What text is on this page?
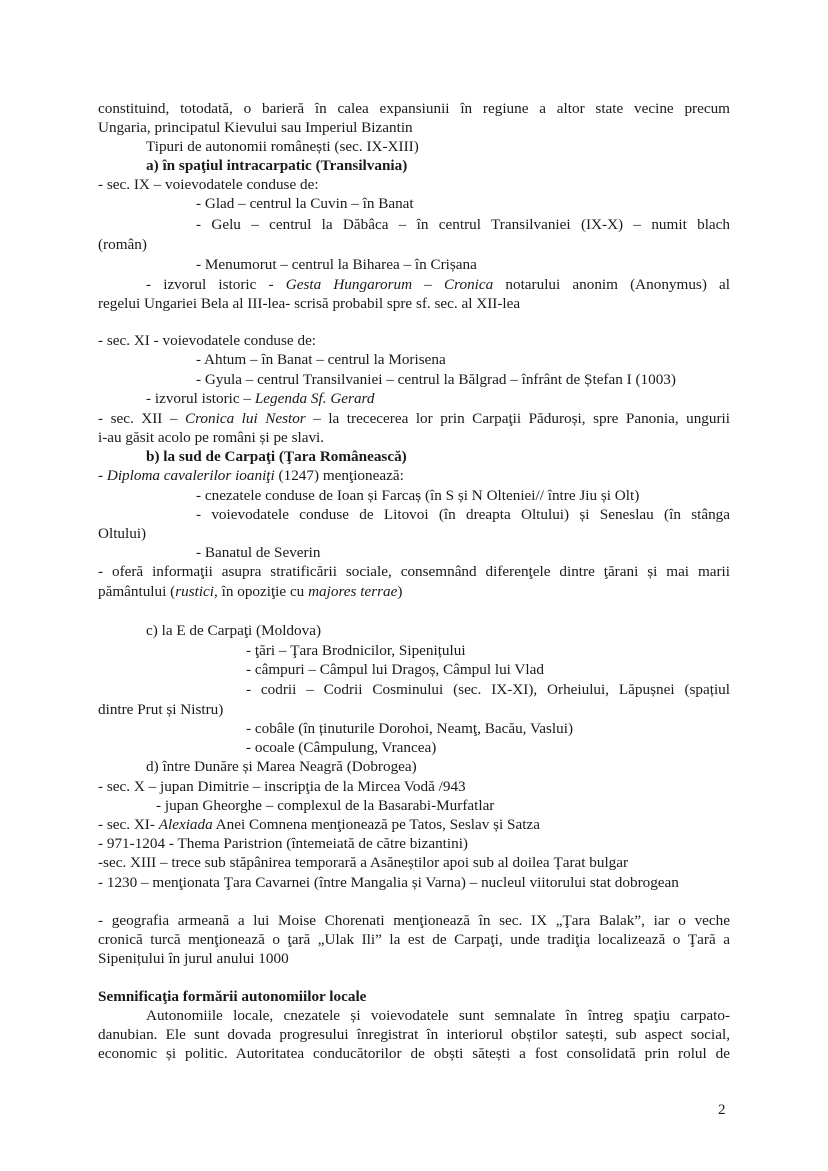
constituind, totodată, o barieră în calea expansiunii în regiune a altor state vecine precum
Ungaria, principatul Kievului sau Imperiul Bizantin
Tipuri de autonomii românești (sec. IX-XIII)
a) în spaţiul intracarpatic (Transilvania)
- sec. IX – voievodatele conduse de:
- Glad – centrul la Cuvin – în Banat
- Gelu – centrul la Dăbâca – în centrul Transilvaniei (IX-X) – numit blach
(român)
- Menumorut – centrul la Biharea – în Crișana
- izvorul istoric - Gesta Hungarorum – Cronica notarului anonim (Anonymus) al
regelui Ungariei Bela al III-lea- scrisă probabil spre sf. sec. al XII-lea
- sec. XI - voievodatele conduse de:
- Ahtum – în Banat – centrul la Morisena
- Gyula – centrul Transilvaniei – centrul la Bălgrad – înfrânt de Ștefan I (1003)
- izvorul istoric – Legenda Sf. Gerard
- sec. XII – Cronica lui Nestor – la trececerea lor prin Carpaţii Păduroși, spre Panonia, ungurii
i-au găsit acolo pe români și pe slavi.
b) la sud de Carpaţi (Ţara Românească)
- Diploma cavalerilor ioaniţi (1247) menţionează:
- cnezatele conduse de Ioan și Farcaș (în S și N Olteniei// între Jiu și Olt)
- voievodatele conduse de Litovoi (în dreapta Oltului) și Seneslau (în stânga
Oltului)
- Banatul de Severin
- oferă informaţii asupra stratificării sociale, consemnând diferenţele dintre ţărani și mai marii
pământului (rustici, în opoziţie cu majores terrae)
c) la E de Carpaţi (Moldova)
- ţări – Ţara Brodnicilor, Sipenițului
- câmpuri – Câmpul lui Dragoș, Câmpul lui Vlad
- codrii – Codrii Cosminului (sec. IX-XI), Orheiului, Lăpușnei (spațiul
dintre Prut și Nistru)
- cobâle (în ținuturile Dorohoi, Neamţ, Bacău, Vaslui)
- ocoale (Câmpulung, Vrancea)
d) între Dunăre și Marea Neagră (Dobrogea)
- sec. X – jupan Dimitrie – inscripţia de la Mircea Vodă /943
- jupan Gheorghe – complexul de la Basarabi-Murfatlar
- sec. XI- Alexiada Anei Comnena menţionează pe Tatos, Seslav și Satza
- 971-1204 - Thema Paristrion (întemeiată de către bizantini)
-sec. XIII – trece sub stăpânirea temporară a Asăneștilor apoi sub al doilea Țarat bulgar
- 1230 – menţionata Ţara Cavarnei (între Mangalia și Varna) – nucleul viitorului stat dobrogean
- geografia armeană a lui Moise Chorenati menţionează în sec. IX „Ţara Balak”, iar o veche
cronică turcă menţionează o ţară „Ulak Ili” la est de Carpaţi, unde tradiţia localizează o Ţară a
Sipenițului în jurul anului 1000
Semnificaţia formării autonomiilor locale
Autonomiile locale, cnezatele și voievodatele sunt semnalate în întreg spaţiu carpato-
danubian. Ele sunt dovada progresului înregistrat în interiorul obștilor satești, sub aspect social,
economic și politic. Autoritatea conducătorilor de obști sătești a fost consolidată prin rolul de
2
